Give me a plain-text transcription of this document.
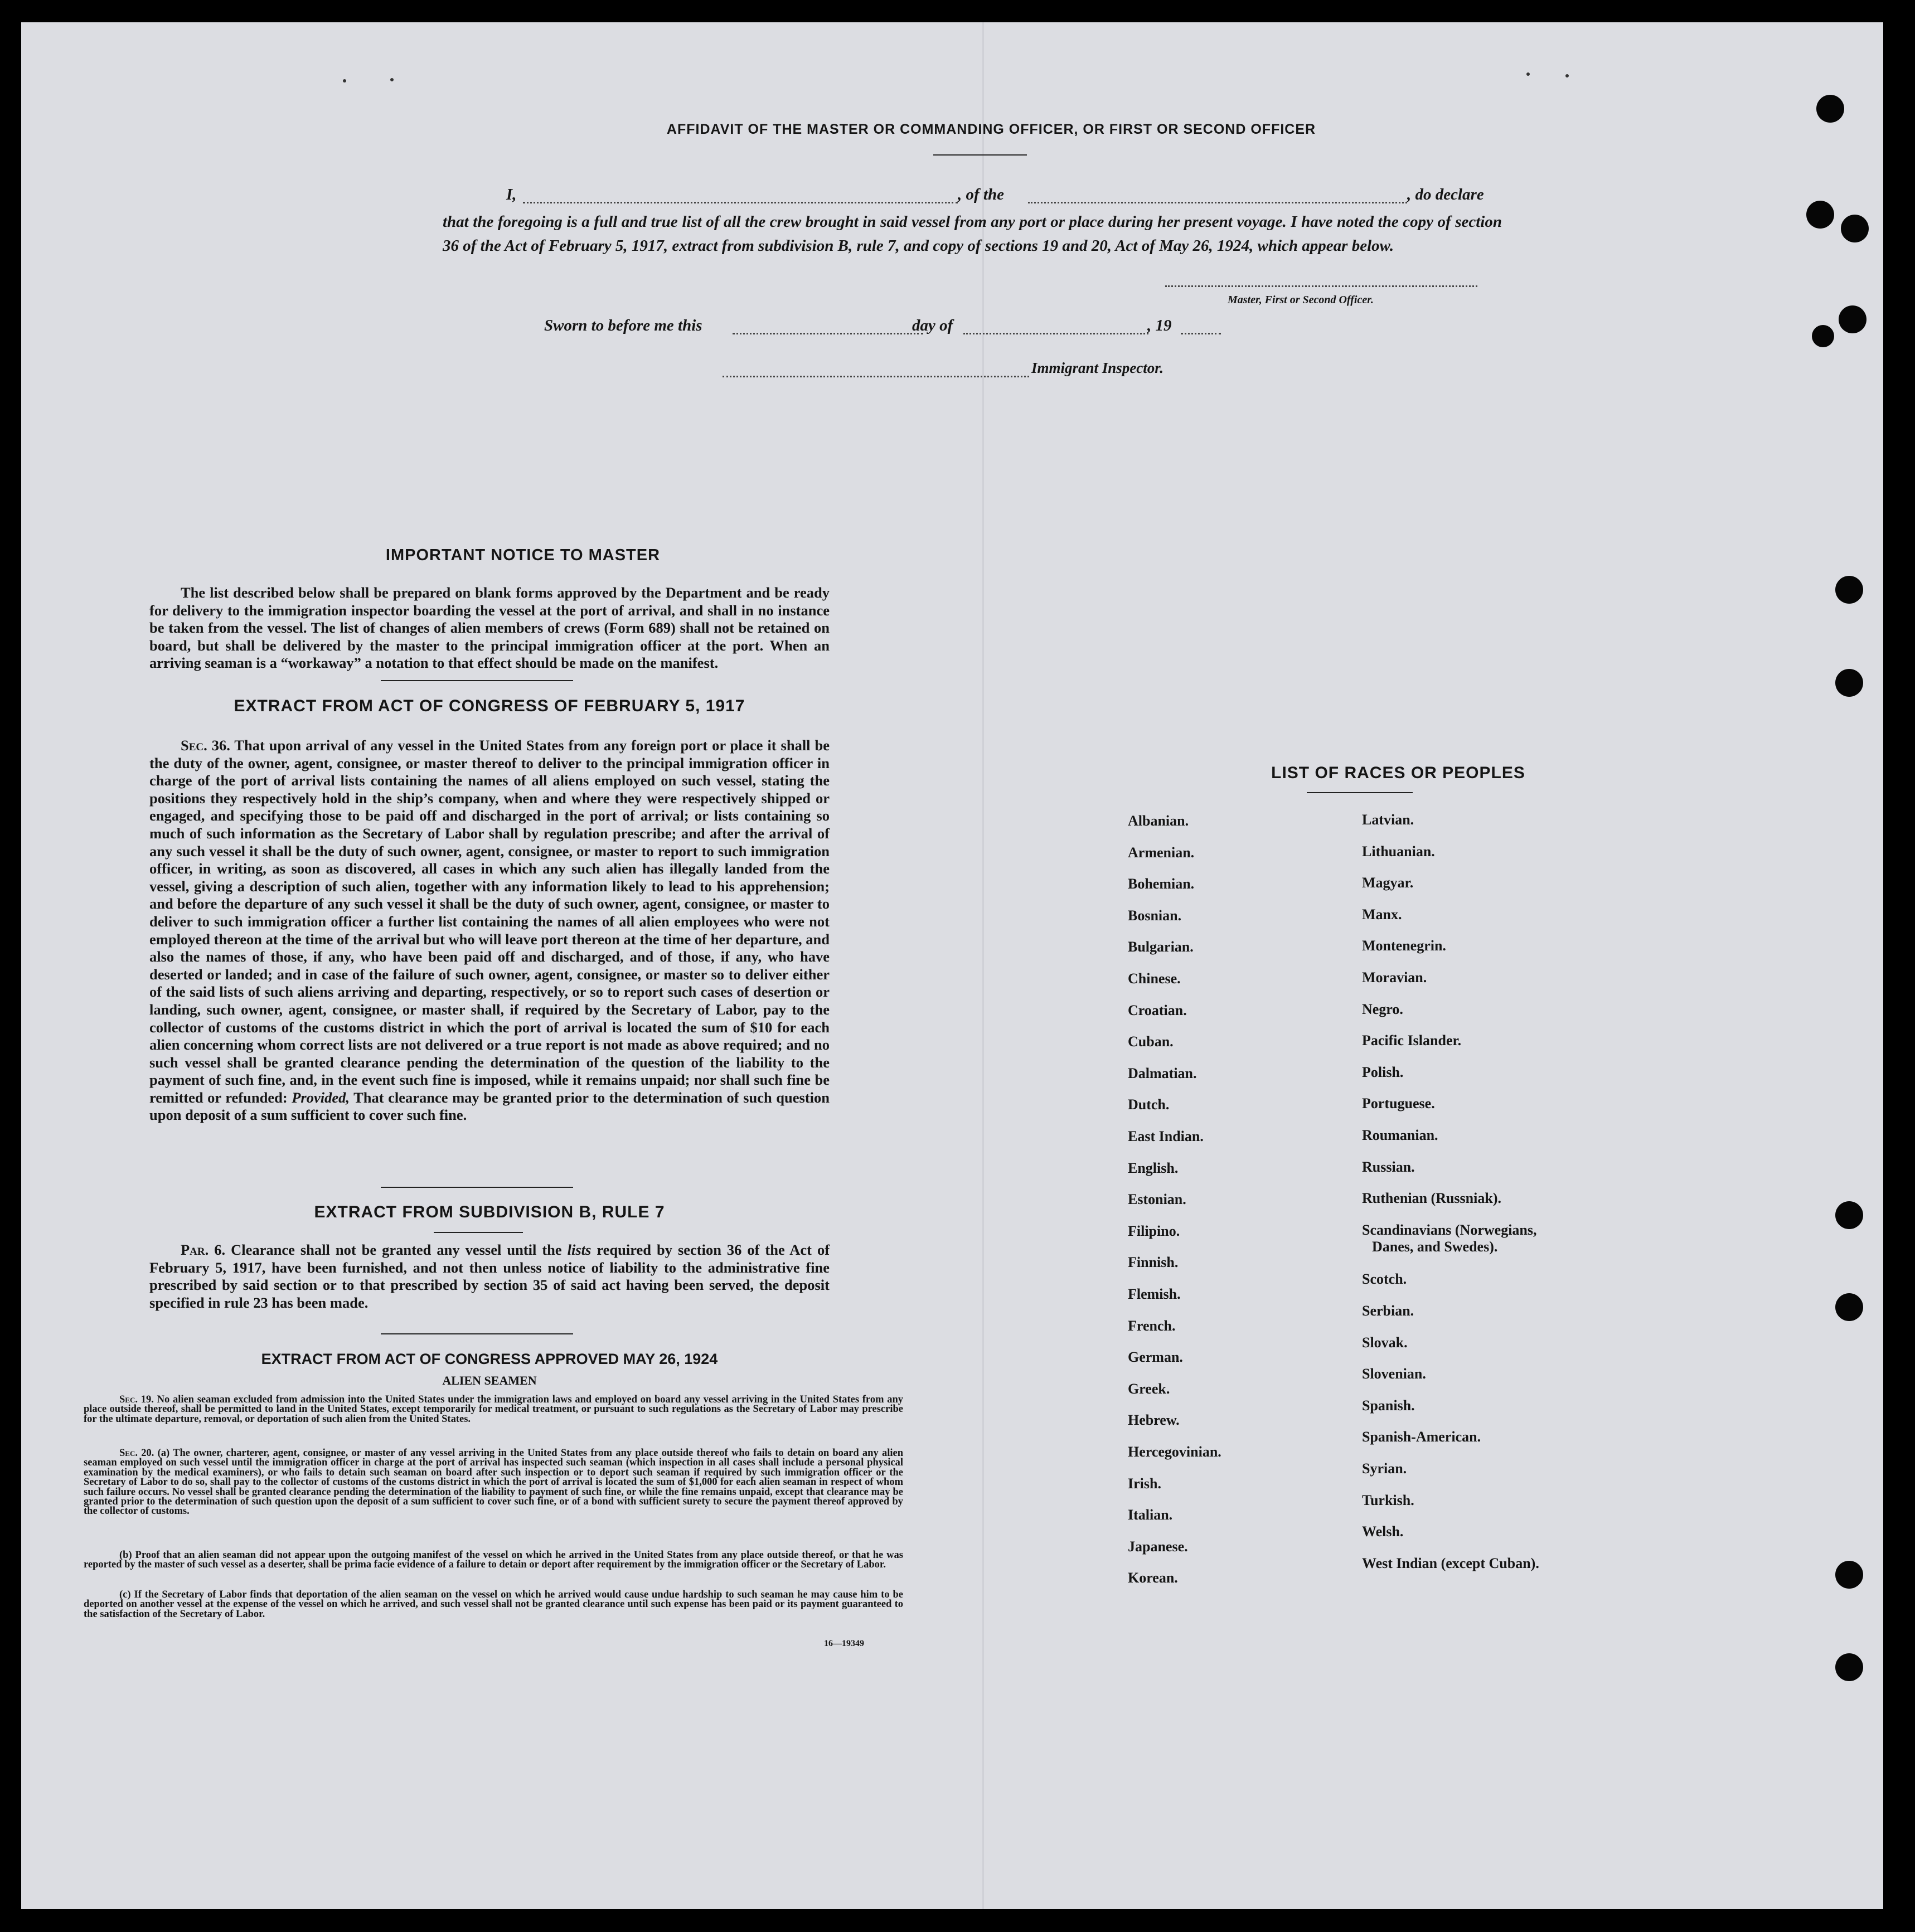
AFFIDAVIT OF THE MASTER OR COMMANDING OFFICER, OR FIRST OR SECOND OFFICER
I,	, of the	, do declare
that the foregoing is a full and true list of all the crew brought in said vessel from any port or place during her present voyage. I have noted the copy of section 36 of the Act of February 5, 1917, extract from subdivision B, rule 7, and copy of sections 19 and 20, Act of May 26, 1924, which appear below.
Master, First or Second Officer.
Sworn to before me this	day of	, 19
Immigrant Inspector.
IMPORTANT NOTICE TO MASTER
The list described below shall be prepared on blank forms approved by the Department and be ready for delivery to the immigration inspector boarding the vessel at the port of arrival, and shall in no instance be taken from the vessel. The list of changes of alien members of crews (Form 689) shall not be retained on board, but shall be delivered by the master to the principal immigration officer at the port. When an arriving seaman is a “workaway” a notation to that effect should be made on the manifest.
EXTRACT FROM ACT OF CONGRESS OF FEBRUARY 5, 1917
Sec. 36. That upon arrival of any vessel in the United States from any foreign port or place it shall be the duty of the owner, agent, consignee, or master thereof to deliver to the principal immigration officer in charge of the port of arrival lists containing the names of all aliens employed on such vessel, stating the positions they respectively hold in the ship’s company, when and where they were respectively shipped or engaged, and specifying those to be paid off and discharged in the port of arrival; or lists containing so much of such information as the Secretary of Labor shall by regulation prescribe; and after the arrival of any such vessel it shall be the duty of such owner, agent, consignee, or master to report to such immigration officer, in writing, as soon as discovered, all cases in which any such alien has illegally landed from the vessel, giving a description of such alien, together with any information likely to lead to his apprehension; and before the departure of any such vessel it shall be the duty of such owner, agent, consignee, or master to deliver to such immigration officer a further list containing the names of all alien employees who were not employed thereon at the time of the arrival but who will leave port thereon at the time of her departure, and also the names of those, if any, who have been paid off and discharged, and of those, if any, who have deserted or landed; and in case of the failure of such owner, agent, consignee, or master so to deliver either of the said lists of such aliens arriving and departing, respectively, or so to report such cases of desertion or landing, such owner, agent, consignee, or master shall, if required by the Secretary of Labor, pay to the collector of customs of the customs district in which the port of arrival is located the sum of $10 for each alien concerning whom correct lists are not delivered or a true report is not made as above required; and no such vessel shall be granted clearance pending the determination of the question of the liability to the payment of such fine, and, in the event such fine is imposed, while it remains unpaid; nor shall such fine be remitted or refunded: Provided, That clearance may be granted prior to the determination of such question upon deposit of a sum sufficient to cover such fine.
EXTRACT FROM SUBDIVISION B, RULE 7
Par. 6. Clearance shall not be granted any vessel until the lists required by section 36 of the Act of February 5, 1917, have been furnished, and not then unless notice of liability to the administrative fine prescribed by said section or to that prescribed by section 35 of said act having been served, the deposit specified in rule 23 has been made.
EXTRACT FROM ACT OF CONGRESS APPROVED MAY 26, 1924
ALIEN SEAMEN
Sec. 19. No alien seaman excluded from admission into the United States under the immigration laws and employed on board any vessel arriving in the United States from any place outside thereof, shall be permitted to land in the United States, except temporarily for medical treatment, or pursuant to such regulations as the Secretary of Labor may prescribe for the ultimate departure, removal, or deportation of such alien from the United States.
Sec. 20. (a) The owner, charterer, agent, consignee, or master of any vessel arriving in the United States from any place outside thereof who fails to detain on board any alien seaman employed on such vessel until the immigration officer in charge at the port of arrival has inspected such seaman (which inspection in all cases shall include a personal physical examination by the medical examiners), or who fails to detain such seaman on board after such inspection or to deport such seaman if required by such immigration officer or the Secretary of Labor to do so, shall pay to the collector of customs of the customs district in which the port of arrival is located the sum of $1,000 for each alien seaman in respect of whom such failure occurs. No vessel shall be granted clearance pending the determination of the liability to payment of such fine, or while the fine remains unpaid, except that clearance may be granted prior to the determination of such question upon the deposit of a sum sufficient to cover such fine, or of a bond with sufficient surety to secure the payment thereof approved by the collector of customs.
(b) Proof that an alien seaman did not appear upon the outgoing manifest of the vessel on which he arrived in the United States from any place outside thereof, or that he was reported by the master of such vessel as a deserter, shall be prima facie evidence of a failure to detain or deport after requirement by the immigration officer or the Secretary of Labor.
(c) If the Secretary of Labor finds that deportation of the alien seaman on the vessel on which he arrived would cause undue hardship to such seaman he may cause him to be deported on another vessel at the expense of the vessel on which he arrived, and such vessel shall not be granted clearance until such expense has been paid or its payment guaranteed to the satisfaction of the Secretary of Labor.
16—19349
LIST OF RACES OR PEOPLES
Albanian.
Armenian.
Bohemian.
Bosnian.
Bulgarian.
Chinese.
Croatian.
Cuban.
Dalmatian.
Dutch.
East Indian.
English.
Estonian.
Filipino.
Finnish.
Flemish.
French.
German.
Greek.
Hebrew.
Hercegovinian.
Irish.
Italian.
Japanese.
Korean.
Latvian.
Lithuanian.
Magyar.
Manx.
Montenegrin.
Moravian.
Negro.
Pacific Islander.
Polish.
Portuguese.
Roumanian.
Russian.
Ruthenian (Russniak).
Scandinavians (Norwegians,
Danes, and Swedes).
Scotch.
Serbian.
Slovak.
Slovenian.
Spanish.
Spanish-American.
Syrian.
Turkish.
Welsh.
West Indian (except Cuban).
